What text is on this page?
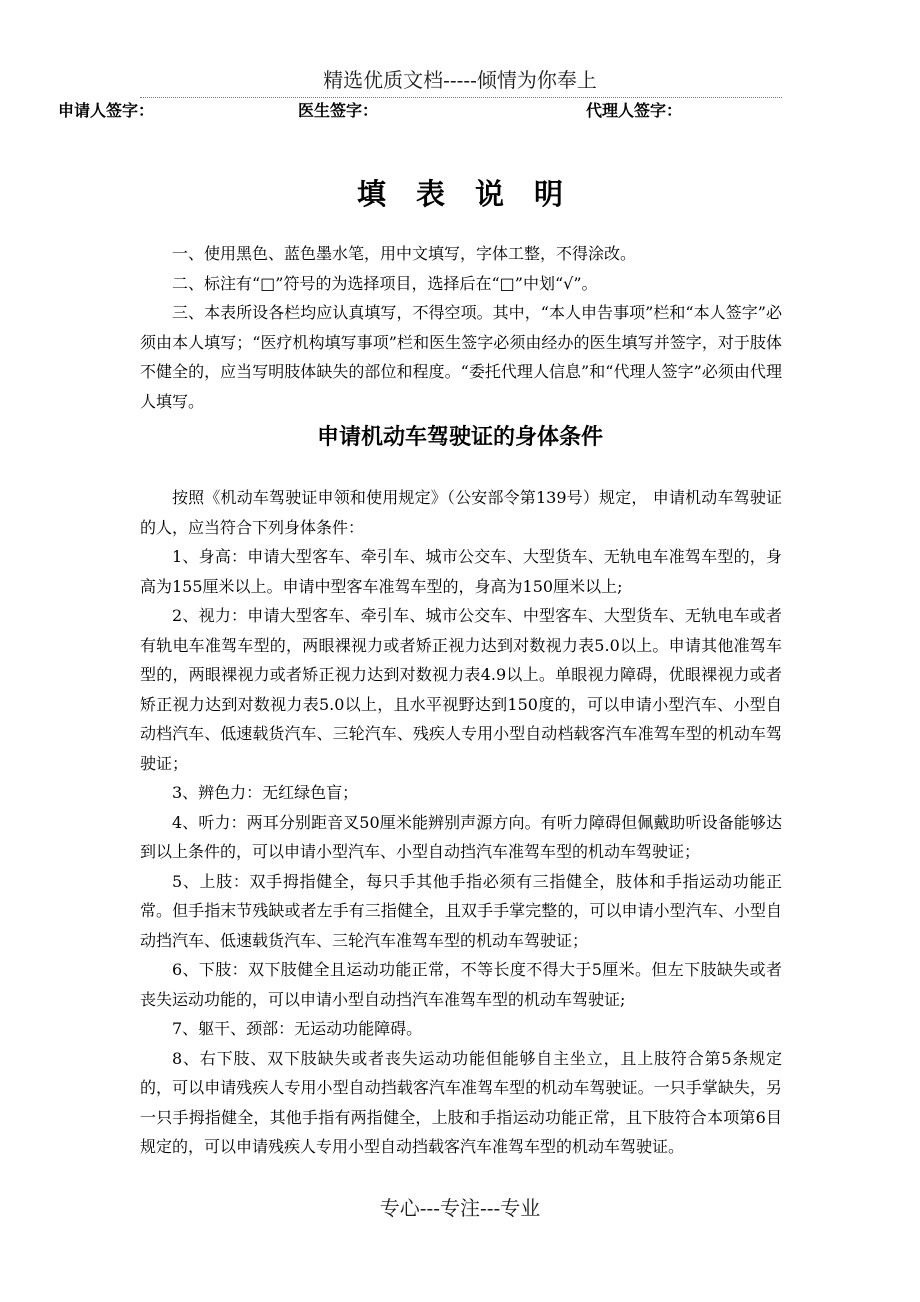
精选优质文档-----倾情为你奉上
申请人签字：	医生签字：	代理人签字：
填表说明

一、使用黑色、蓝色墨水笔，用中文填写，字体工整，不得涂改。

二、标注有“□”符号的为选择项目，选择后在“□”中划“√”。

三、本表所设各栏均应认真填写，不得空项。其中，“本人申告事项”栏和“本人签字”必须由本人填写；“医疗机构填写事项”栏和医生签字必须由经办的医生填写并签字，对于肢体不健全的，应当写明肢体缺失的部位和程度。“委托代理人信息”和“代理人签字”必须由代理人填写。

申请机动车驾驶证的身体条件

按照《机动车驾驶证申领和使用规定》（公安部令第139号）规定， 申请机动车驾驶证的人，应当符合下列身体条件：

1、身高：申请大型客车、牵引车、城市公交车、大型货车、无轨电车准驾车型的，身高为155厘米以上。申请中型客车准驾车型的，身高为150厘米以上;

2、视力：申请大型客车、牵引车、城市公交车、中型客车、大型货车、无轨电车或者有轨电车准驾车型的，两眼裸视力或者矫正视力达到对数视力表5.0以上。申请其他准驾车型的，两眼裸视力或者矫正视力达到对数视力表4.9以上。单眼视力障碍，优眼裸视力或者矫正视力达到对数视力表5.0以上，且水平视野达到150度的，可以申请小型汽车、小型自动档汽车、低速载货汽车、三轮汽车、残疾人专用小型自动档载客汽车准驾车型的机动车驾驶证；

3、辨色力：无红绿色盲；

4、听力：两耳分别距音叉50厘米能辨别声源方向。有听力障碍但佩戴助听设备能够达到以上条件的，可以申请小型汽车、小型自动挡汽车准驾车型的机动车驾驶证；

5、上肢：双手拇指健全，每只手其他手指必须有三指健全，肢体和手指运动功能正常。但手指末节残缺或者左手有三指健全，且双手手掌完整的，可以申请小型汽车、小型自动挡汽车、低速载货汽车、三轮汽车准驾车型的机动车驾驶证；

6、下肢：双下肢健全且运动功能正常，不等长度不得大于5厘米。但左下肢缺失或者丧失运动功能的，可以申请小型自动挡汽车准驾车型的机动车驾驶证;

7、躯干、颈部：无运动功能障碍。

8、右下肢、双下肢缺失或者丧失运动功能但能够自主坐立，且上肢符合第5条规定的，可以申请残疾人专用小型自动挡载客汽车准驾车型的机动车驾驶证。一只手掌缺失，另一只手拇指健全，其他手指有两指健全，上肢和手指运动功能正常，且下肢符合本项第6目规定的，可以申请残疾人专用小型自动挡载客汽车准驾车型的机动车驾驶证。

专心---专注---专业
